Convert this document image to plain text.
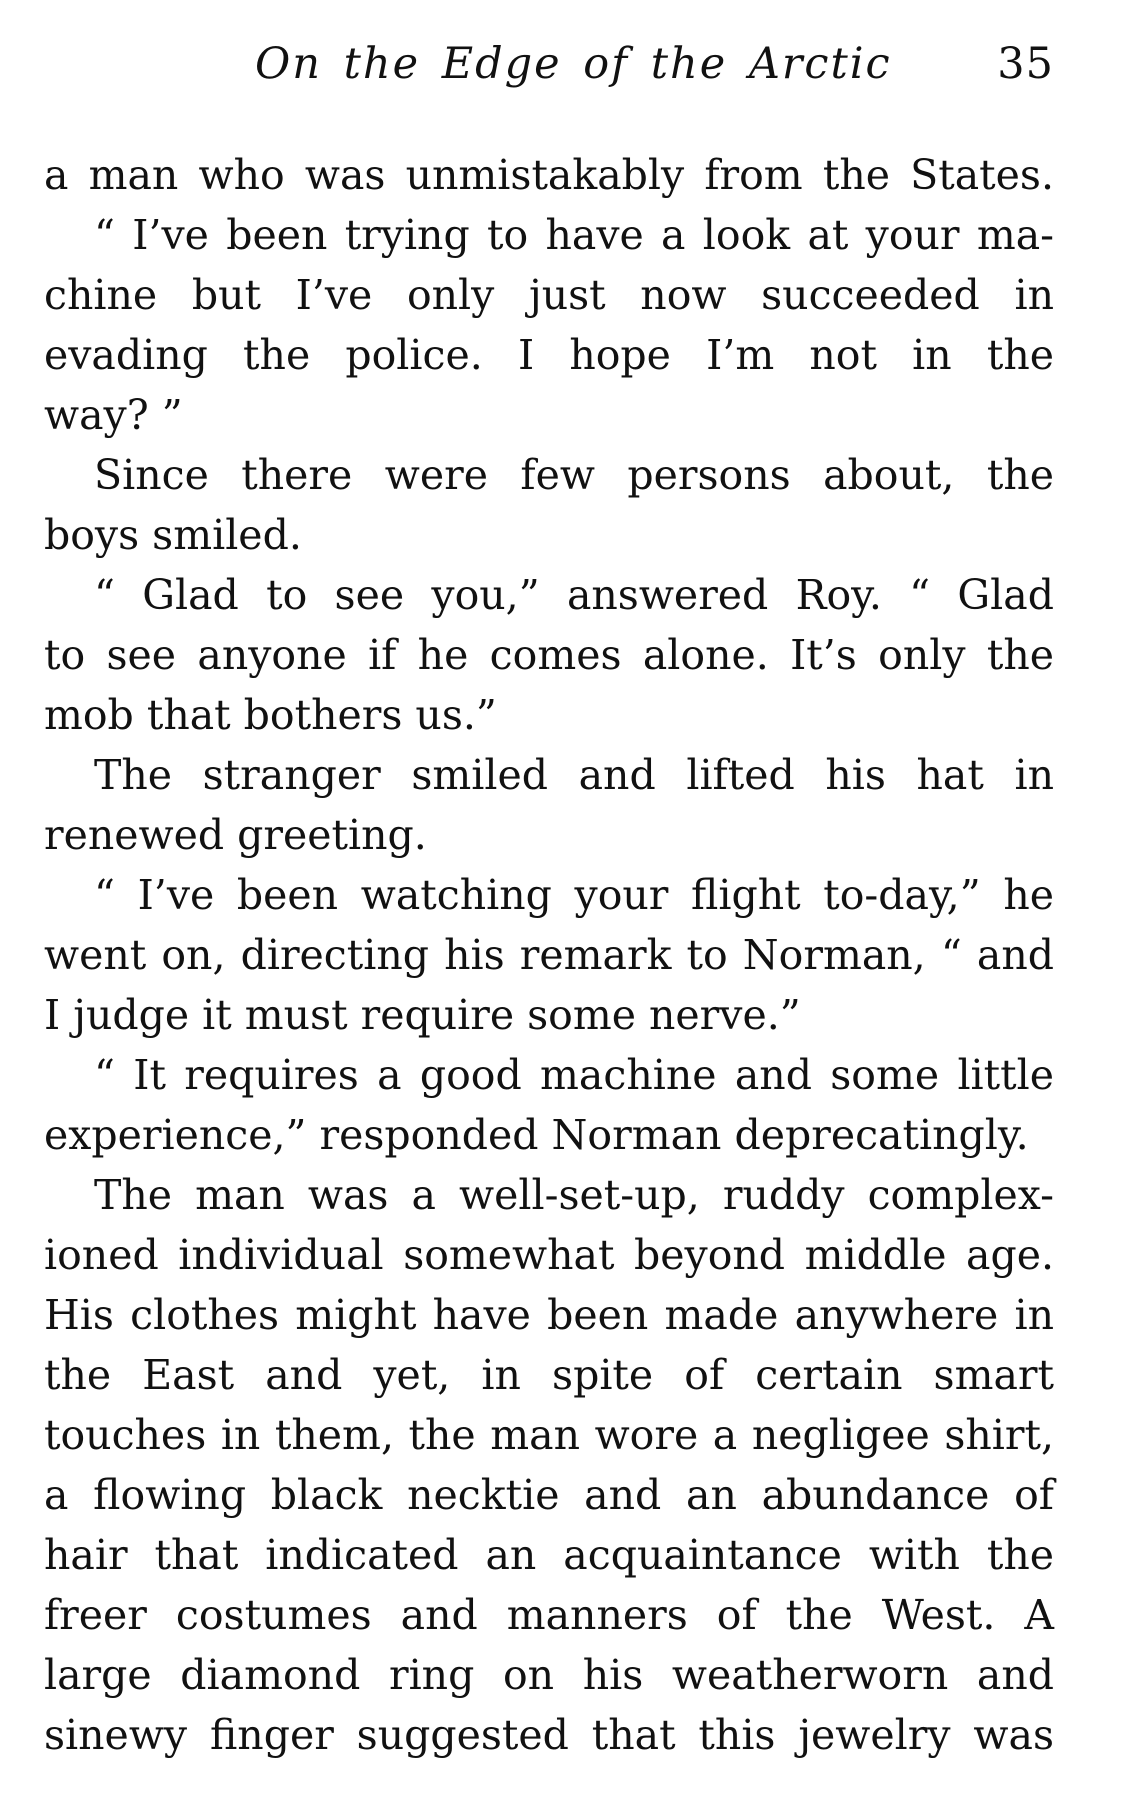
On the Edge of the Arctic 35
a man who was unmistakably from the States.
“ I’ve been trying to have a look at your ma-
chine but I’ve only just now succeeded in
evading the police. I hope I’m not in the
way? ”
Since there were few persons about, the
boys smiled.
“ Glad to see you,” answered Roy. “ Glad
to see anyone if he comes alone. It’s only the
mob that bothers us.”
The stranger smiled and lifted his hat in
renewed greeting.
“ I’ve been watching your flight to-day,” he
went on, directing his remark to Norman, “ and
I judge it must require some nerve.”
“ It requires a good machine and some little
experience,” responded Norman deprecatingly.
The man was a well-set-up, ruddy complex-
ioned individual somewhat beyond middle age.
His clothes might have been made anywhere in
the East and yet, in spite of certain smart
touches in them, the man wore a negligee shirt,
a flowing black necktie and an abundance of
hair that indicated an acquaintance with the
freer costumes and manners of the West. A
large diamond ring on his weatherworn and
sinewy finger suggested that this jewelry was
